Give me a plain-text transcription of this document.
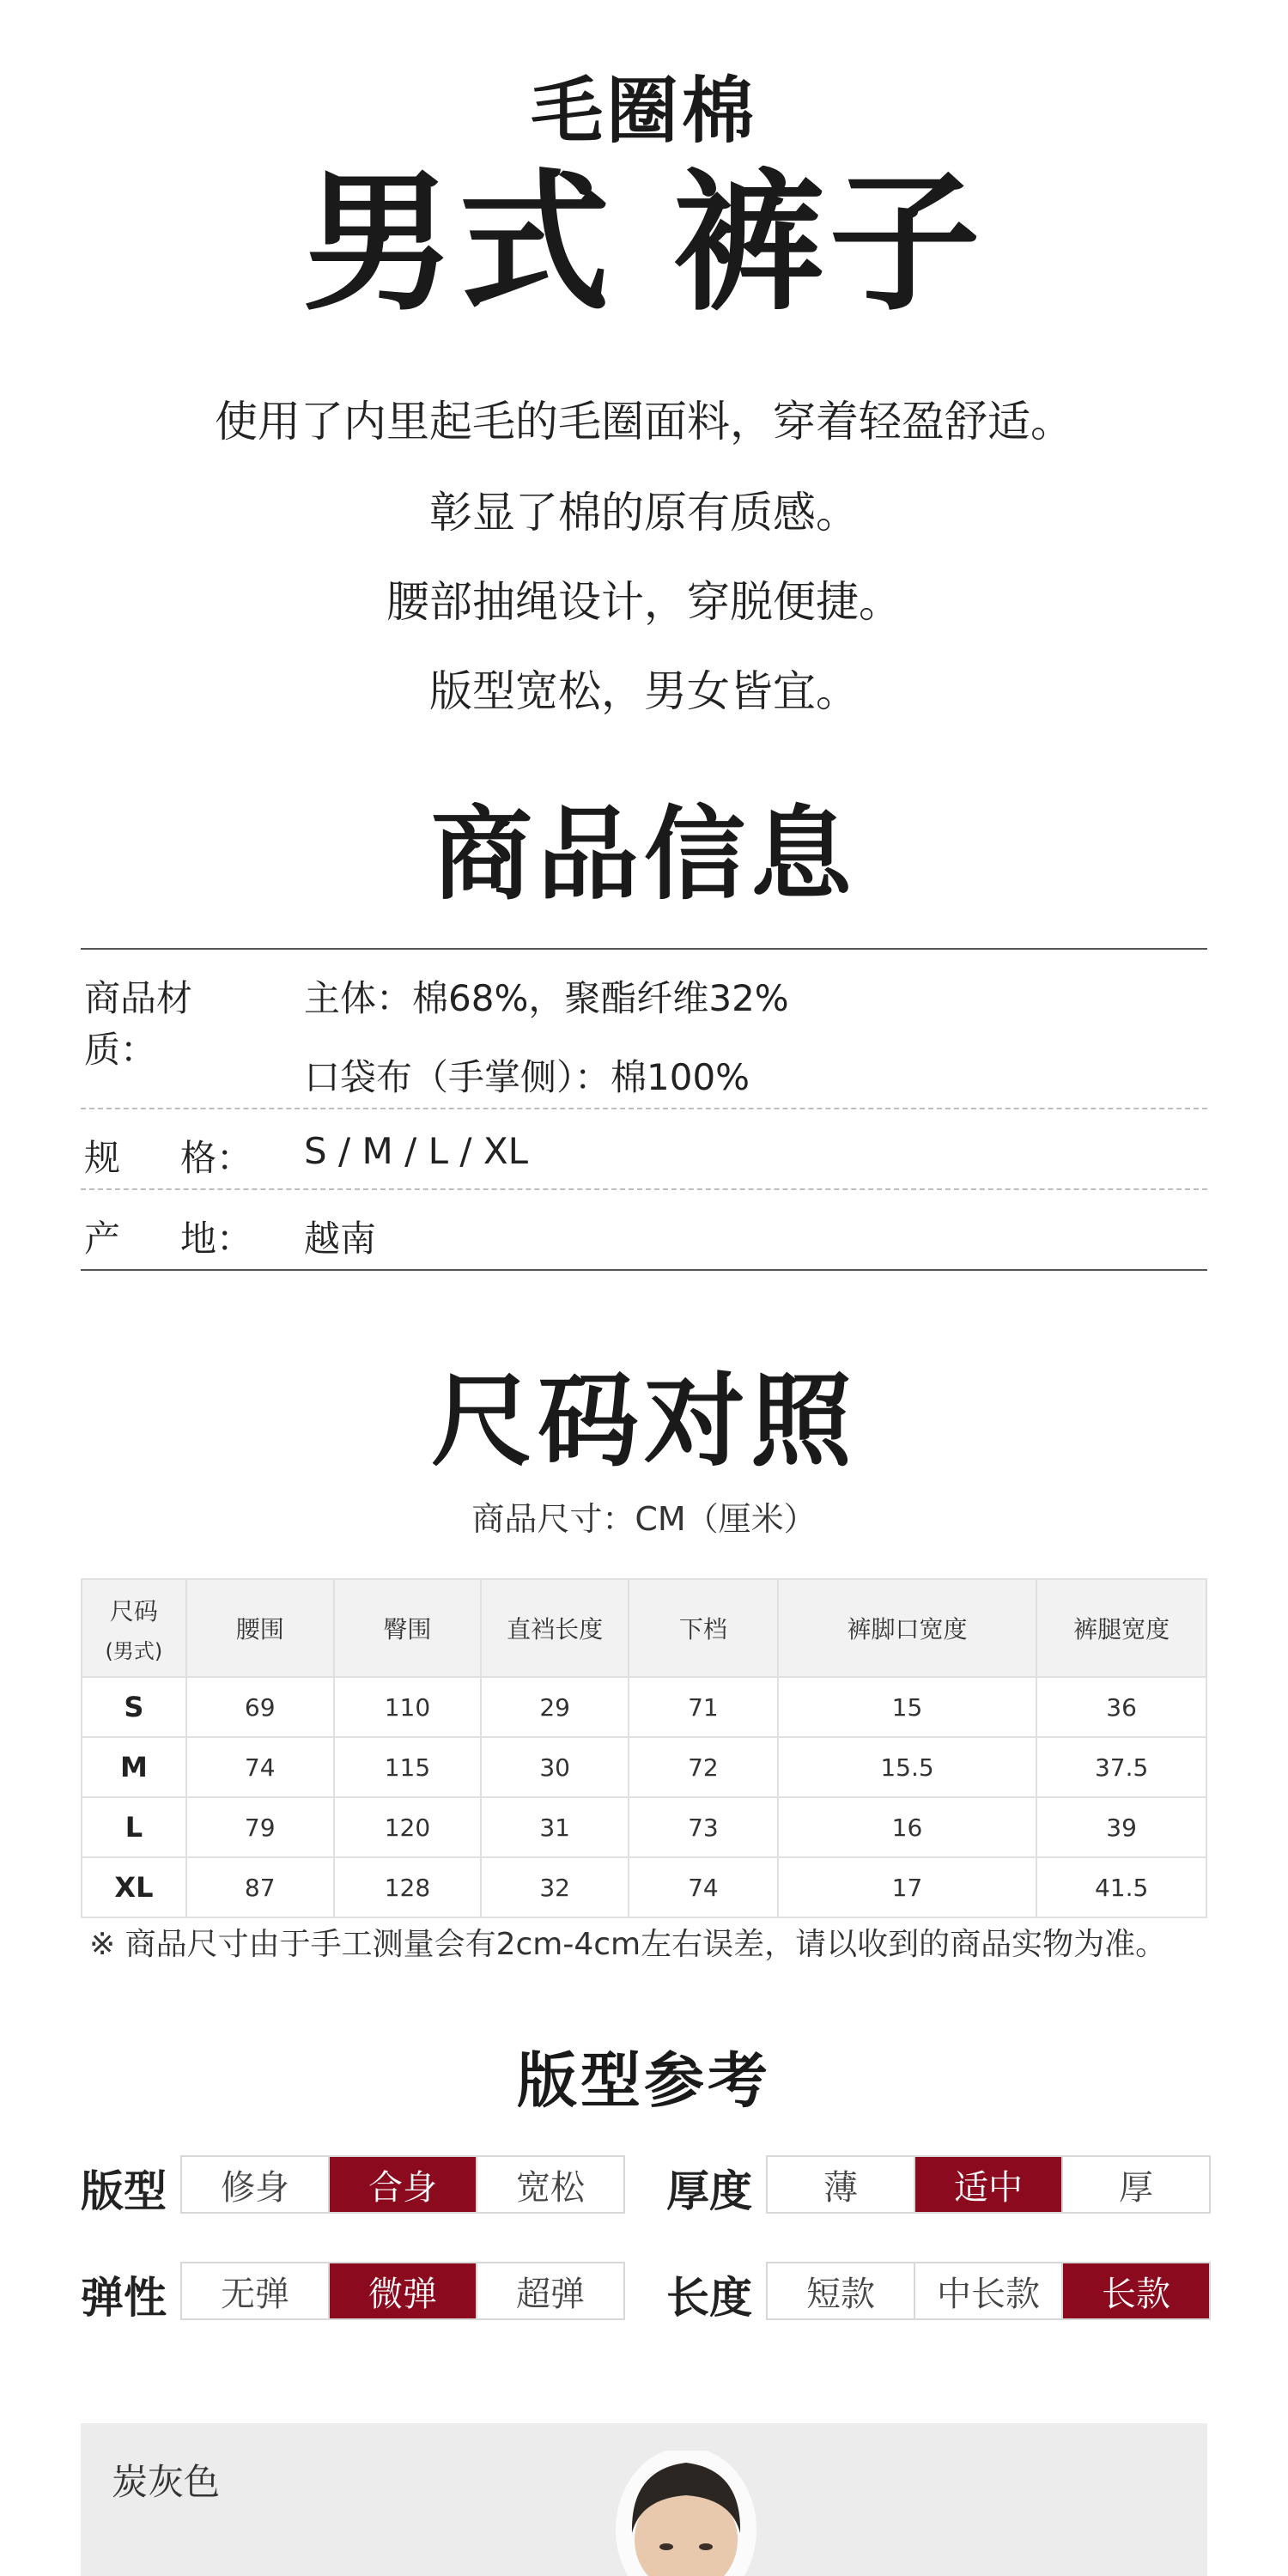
毛圈棉
男式 裤子
使用了内里起毛的毛圈面料，穿着轻盈舒适。
彰显了棉的原有质感。
腰部抽绳设计，穿脱便捷。
版型宽松，男女皆宜。
商品信息
商品材质：
主体：棉68%，聚酯纤维32%
口袋布（手掌侧）：棉100%
规 格： S / M / L / XL
产 地： 越南
尺码对照
商品尺寸：CM（厘米）
尺码
(男式)	腰围	臀围	直裆长度	下档	裤脚口宽度	裤腿宽度
S	69	110	29	71	15	36
M	74	115	30	72	15.5	37.5
L	79	120	31	73	16	39
XL	87	128	32	74	17	41.5
※ 商品尺寸由于手工测量会有2cm-4cm左右误差，请以收到的商品实物为准。
版型参考
版型	修身	合身	宽松	厚度	薄	适中	厚
弹性	无弹	微弹	超弹	长度	短款	中长款	长款
炭灰色
